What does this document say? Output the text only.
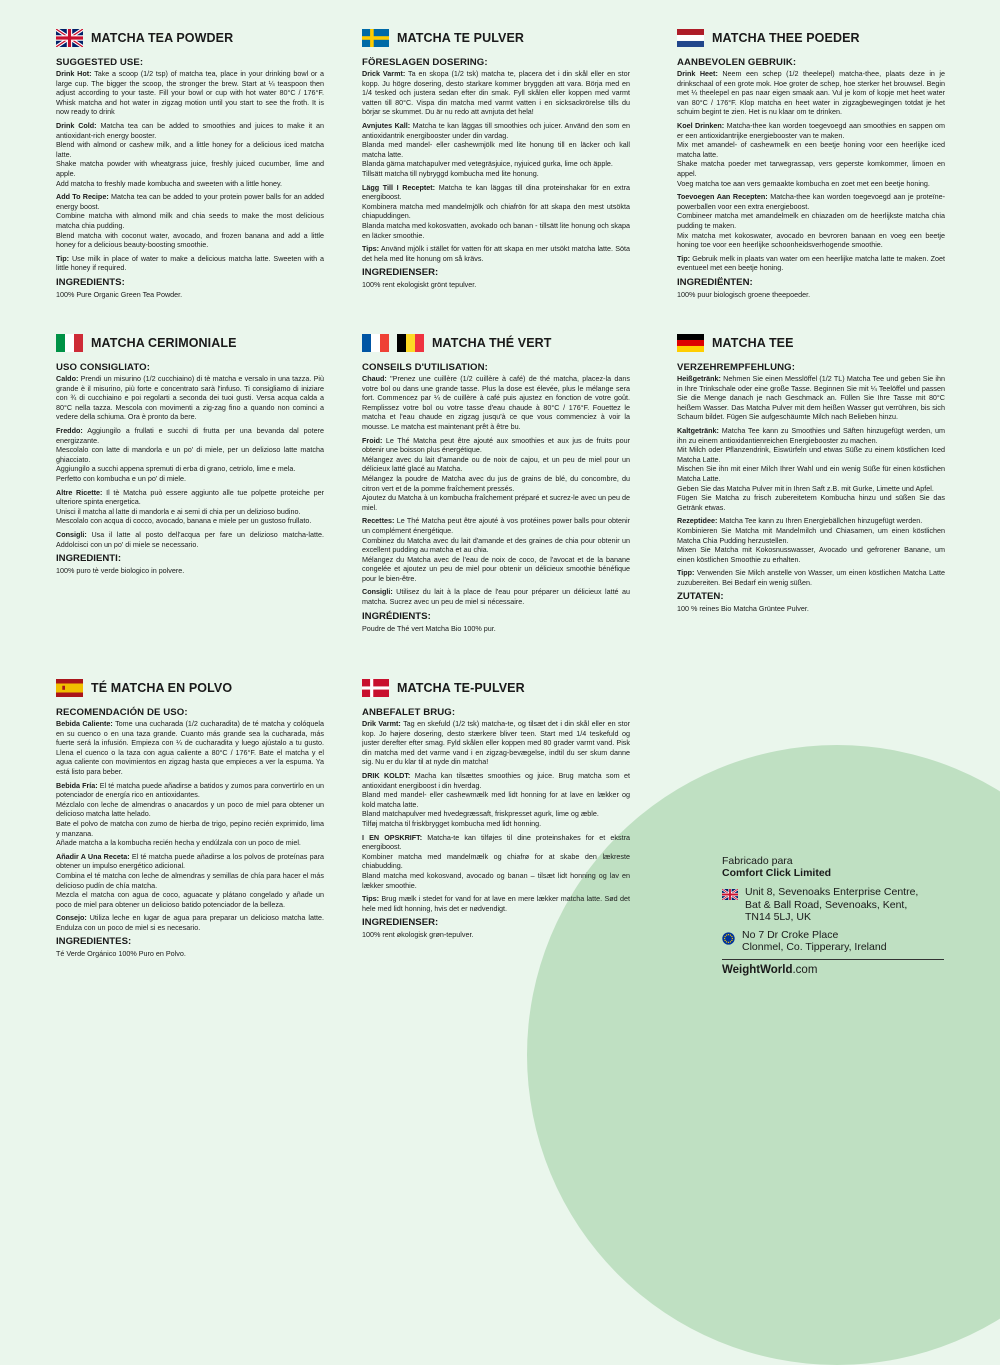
MATCHA TEA POWDER
SUGGESTED USE:
Drink Hot: Take a scoop (1/2 tsp) of matcha tea, place in your drinking bowl or a large cup. The bigger the scoop, the stronger the brew. Start at ¼ teaspoon then adjust according to your taste. Fill your bowl or cup with hot water 80°C / 176°F. Whisk matcha and hot water in zigzag motion until you start to see the froth. It is now ready to drink
Drink Cold: Matcha tea can be added to smoothies and juices to make it an antioxidant-rich energy booster.
Blend with almond or cashew milk, and a little honey for a delicious iced matcha latte.
Shake matcha powder with wheatgrass juice, freshly juiced cucumber, lime and apple.
Add matcha to freshly made kombucha and sweeten with a little honey.
Add To Recipe: Matcha tea can be added to your protein power balls for an added energy boost.
Combine matcha with almond milk and chia seeds to make the most delicious matcha chia pudding.
Blend matcha with coconut water, avocado, and frozen banana and add a little honey for a delicious beauty-boosting smoothie.
Tip: Use milk in place of water to make a delicious matcha latte. Sweeten with a little honey if required.
INGREDIENTS:
100% Pure Organic Green Tea Powder.
MATCHA TE PULVER
FÖRESLAGEN DOSERING:
Drick Varmt: Ta en skopa (1/2 tsk) matcha te, placera det i din skål eller en stor kopp. Ju högre dosering, desto starkare kommer bryggden att vara. Börja med en 1/4 tesked och justera sedan efter din smak. Fyll skålen eller koppen med varmt vatten till 80°C. Vispa din matcha med varmt vatten i en sicksackrörelse tills du börjar se skummet. Du är nu redo att avnjuta det hela!
Avnjutes Kall: Matcha te kan läggas till smoothies och juicer. Använd den som en antioxidantrik energibooster under din vardag.
Blanda med mandel- eller cashewmjölk med lite honung till en läcker och kall matcha latte.
Blanda gärna matchapulver med vetegräsjuice, nyjuiced gurka, lime och äpple.
Tillsätt matcha till nybryggd kombucha med lite honung.
Lägg Till I Receptet: Matcha te kan läggas till dina proteinshakar för en extra energiboost.
Kombinera matcha med mandelmjölk och chiafrön för att skapa den mest utsökta chiapuddingen.
Blanda matcha med kokosvatten, avokado och banan - tillsätt lite honung och skapa en läcker smoothie.
Tips: Använd mjölk i stället för vatten för att skapa en mer utsökt matcha latte. Söta det hela med lite honung om så krävs.
INGREDIENSER:
100% rent ekologiskt grönt tepulver.
MATCHA THEE POEDER
AANBEVOLEN GEBRUIK:
Drink Heet: Neem een schep (1/2 theelepel) matcha-thee, plaats deze in je drinkschaal of een grote mok. Hoe groter de schep, hoe sterker het brouwsel. Begin met ¼ theelepel en pas naar eigen smaak aan. Vul je kom of kopje met heet water van 80°C / 176°F. Klop matcha en heet water in zigzagbewegingen totdat je het schuim begint te zien. Het is nu klaar om te drinken.
Koel Drinken: Matcha-thee kan worden toegevoegd aan smoothies en sappen om er een antioxidantrijke energiebooster van te maken.
Mix met amandel- of cashewmelk en een beetje honing voor een heerlijke iced matcha latte.
Shake matcha poeder met tarwegrassap, vers geperste komkommer, limoen en appel.
Voeg matcha toe aan vers gemaakte kombucha en zoet met een beetje honing.
Toevoegen Aan Recepten: Matcha-thee kan worden toegevoegd aan je proteïne-powerballen voor een extra energieboost.
Combineer matcha met amandelmelk en chiazaden om de heerlijkste matcha chia pudding te maken.
Mix matcha met kokoswater, avocado en bevroren banaan en voeg een beetje honing toe voor een heerlijke schoonheidsverhogende smoothie.
Tip: Gebruik melk in plaats van water om een heerlijke matcha latte te maken. Zoet eventueel met een beetje honing.
INGREDIËNTEN:
100% puur biologisch groene theepoeder.
MATCHA CERIMONIALE
USO CONSIGLIATO:
Caldo: Prendi un misurino (1/2 cucchiaino) di tè matcha e versalo in una tazza. Più grande è il misurino, più forte e concentrato sarà l'infuso. Ti consigliamo di iniziare con ¾ di cucchiaino e poi regolarti a seconda dei tuoi gusti. Versa acqua calda a 80°C nella tazza. Mescola con movimenti a zig-zag fino a quando non cominci a vedere della schiuma. Ora è pronto da bere.
Freddo: Aggiungilo a frullati e succhi di frutta per una bevanda dal potere energizzante.
Mescolalo con latte di mandorla e un po' di miele, per un delizioso latte matcha ghiacciato.
Aggiungilo a succhi appena spremuti di erba di grano, cetriolo, lime e mela.
Perfetto con kombucha e un po' di miele.
Altre Ricette: Il tè Matcha può essere aggiunto alle tue polpette proteiche per ulteriore spinta energetica.
Unisci il matcha al latte di mandorla e ai semi di chia per un delizioso budino.
Mescolalo con acqua di cocco, avocado, banana e miele per un gustoso frullato.
Consigli: Usa il latte al posto dell'acqua per fare un delizioso matcha-latte. Addolcisci con un po' di miele se necessario.
INGREDIENTI:
100% puro tè verde biologico in polvere.
MATCHA THÉ VERT
CONSEILS D'UTILISATION:
Chaud: "Prenez une cuillère (1/2 cuillère à café) de thé matcha, placez-la dans votre bol ou dans une grande tasse. Plus la dose est élevée, plus le mélange sera fort. Commencez par ¼ de cuillère à café puis ajustez en fonction de votre goût. Remplissez votre bol ou votre tasse d'eau chaude à 80°C / 176°F. Fouettez le matcha et l'eau chaude en zigzag jusqu'à ce que vous commenciez à voir la mousse. Le matcha est maintenant prêt à être bu.
Froid: Le Thé Matcha peut être ajouté aux smoothies et aux jus de fruits pour obtenir une boisson plus énergétique.
Mélangez avec du lait d'amande ou de noix de cajou, et un peu de miel pour un délicieux latté glacé au Matcha.
Mélangez la poudre de Matcha avec du jus de grains de blé, du concombre, du citron vert et de la pomme fraîchement pressés.
Ajoutez du Matcha à un kombucha fraîchement préparé et sucrez-le avec un peu de miel.
Recettes: Le Thé Matcha peut être ajouté à vos protéines power balls pour obtenir un complément énergétique.
Combinez du Matcha avec du lait d'amande et des graines de chia pour obtenir un excellent pudding au matcha et au chia.
Mélangez du Matcha avec de l'eau de noix de coco, de l'avocat et de la banane congelée et ajoutez un peu de miel pour obtenir un délicieux smoothie bénéfique pour le bien-être.
Consigli: Utilisez du lait à la place de l'eau pour préparer un délicieux latté au matcha. Sucrez avec un peu de miel si nécessaire.
INGRÉDIENTS:
Poudre de Thé vert Matcha Bio 100% pur.
MATCHA TEE
VERZEHREMPFEHLUNG:
Heißgetränk: Nehmen Sie einen Messlöffel (1/2 TL) Matcha Tee und geben Sie ihn in Ihre Trinkschale oder eine große Tasse. Beginnen Sie mit ¼ Teelöffel und passen Sie die Menge danach je nach Geschmack an. Füllen Sie Ihre Tasse mit 80°C heißem Wasser. Das Matcha Pulver mit dem heißen Wasser gut verrühren, bis sich Schaum bildet. Fügen Sie aufgeschäumte Milch nach Belieben hinzu.
Kaltgetränk: Matcha Tee kann zu Smoothies und Säften hinzugefügt werden, um ihn zu einem antioxidantienreichen Energiebooster zu machen.
Mit Milch oder Pflanzendrink, Eiswürfeln und etwas Süße zu einem köstlichen Iced Matcha Latte.
Mischen Sie ihn mit einer Milch Ihrer Wahl und ein wenig Süße für einen köstlichen Matcha Latte.
Geben Sie das Matcha Pulver mit in Ihren Saft z.B. mit Gurke, Limette und Apfel.
Fügen Sie Matcha zu frisch zubereitetem Kombucha hinzu und süßen Sie das Getränk etwas.
Rezeptidee: Matcha Tee kann zu Ihren Energiebällchen hinzugefügt werden.
Kombinieren Sie Matcha mit Mandelmilch und Chiasamen, um einen köstlichen Matcha Chia Pudding herzustellen.
Mixen Sie Matcha mit Kokosnusswasser, Avocado und gefrorener Banane, um einen köstlichen Smoothie zu erhalten.
Tipp: Verwenden Sie Milch anstelle von Wasser, um einen köstlichen Matcha Latte zuzubereiten. Bei Bedarf ein wenig süßen.
ZUTATEN:
100 % reines Bio Matcha Grüntee Pulver.
TÉ MATCHA EN POLVO
RECOMENDACIÓN DE USO:
Bebida Caliente: Tome una cucharada (1/2 cucharadita) de té matcha y colóquela en su cuenco o en una taza grande. Cuanto más grande sea la cucharada, más fuerte será la infusión. Empieza con ¼ de cucharadita y luego ajústalo a tu gusto. Llena el cuenco o la taza con agua caliente a 80°C / 176°F. Bate el matcha y el agua caliente con movimientos en zigzag hasta que empieces a ver la espuma. Ya está listo para beber.
Bebida Fría: El té matcha puede añadirse a batidos y zumos para convertirlo en un potenciador de energía rico en antioxidantes.
Mézclalo con leche de almendras o anacardos y un poco de miel para obtener un delicioso matcha latte helado.
Bate el polvo de matcha con zumo de hierba de trigo, pepino recién exprimido, lima y manzana.
Añade matcha a la kombucha recién hecha y endúlzala con un poco de miel.
Añadir A Una Receta: El té matcha puede añadirse a los polvos de proteínas para obtener un impulso energético adicional.
Combina el té matcha con leche de almendras y semillas de chía para hacer el más delicioso pudín de chía matcha.
Mezcla el matcha con agua de coco, aguacate y plátano congelado y añade un poco de miel para obtener un delicioso batido potenciador de la belleza.
Consejo: Utiliza leche en lugar de agua para preparar un delicioso matcha latte. Endulza con un poco de miel si es necesario.
INGREDIENTES:
Té Verde Orgánico 100% Puro en Polvo.
MATCHA TE-PULVER
ANBEFALET BRUG:
Drik Varmt: Tag en skefuld (1/2 tsk) matcha-te, og tilsæt det i din skål eller en stor kop. Jo højere dosering, desto stærkere bliver teen. Start med 1/4 teskefuld og juster derefter efter smag. Fyld skålen eller koppen med 80 grader varmt vand. Pisk din matcha med det varme vand i en zigzag-bevægelse, indtil du ser skum danne sig. Nu er du klar til at nyde din matcha!
DRIK KOLDT: Macha kan tilsættes smoothies og juice. Brug matcha som et antioxidant energiboost i din hverdag.
Bland med mandel- eller cashewmælk med lidt honning for at lave en lækker og kold matcha latte.
Bland matchapulver med hvedegræssaft, friskpresset agurk, lime og æble.
Tilføj matcha til friskbrygget kombucha med lidt honning.
I EN OPSKRIFT: Matcha-te kan tilføjes til dine proteinshakes for et ekstra energiboost.
Kombiner matcha med mandelmælk og chiafrø for at skabe den lækreste chiabudding.
Bland matcha med kokosvand, avocado og banan – tilsæt lidt honning og lav en lækker smoothie.
Tips: Brug mælk i stedet for vand for at lave en mere lækker matcha latte. Sød det hele med lidt honning, hvis det er nødvendigt.
INGREDIENSER:
100% rent økologisk grøn-tepulver.
Fabricado para
Comfort Click Limited
Unit 8, Sevenoaks Enterprise Centre,
Bat & Ball Road, Sevenoaks, Kent,
TN14 5LJ, UK
No 7 Dr Croke Place
Clonmel, Co. Tipperary, Ireland
WeightWorld.com
